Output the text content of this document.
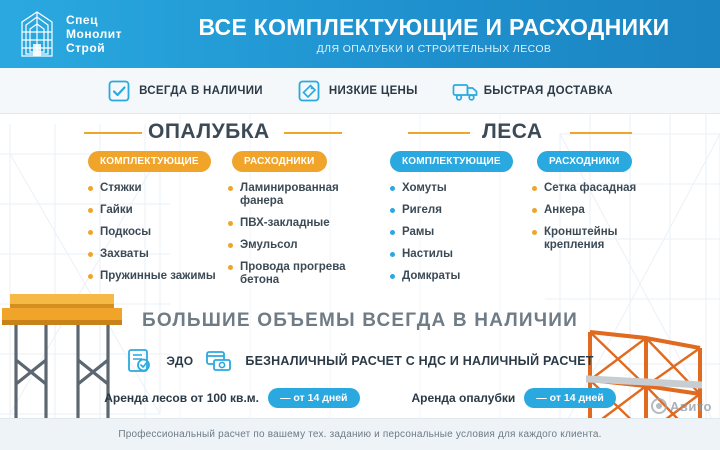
Спец
Монолит
Строй
ВСЕ КОМПЛЕКТУЮЩИЕ И РАСХОДНИКИ
ДЛЯ ОПАЛУБКИ И СТРОИТЕЛЬНЫХ ЛЕСОВ
ВСЕГДА В НАЛИЧИИ	НИЗКИЕ ЦЕНЫ	БЫСТРАЯ ДОСТАВКА
ОПАЛУБКА
КОМПЛЕКТУЮЩИЕ	РАСХОДНИКИ
Стяжки
Гайки
Подкосы
Захваты
Пружинные зажимы
Ламинированная фанера
ПВХ-закладные
Эмульсол
Провода прогрева бетона
ЛЕСА
КОМПЛЕКТУЮЩИЕ	РАСХОДНИКИ
Хомуты
Ригеля
Рамы
Настилы
Домкраты
Сетка фасадная
Анкера
Кронштейны крепления
БОЛЬШИЕ ОБЪЕМЫ ВСЕГДА В НАЛИЧИИ
ЭДО	БЕЗНАЛИЧНЫЙ РАСЧЕТ С НДС И НАЛИЧНЫЙ РАСЧЕТ
Аренда лесов от 100 кв.м.	— от 14 дней	Аренда опалубки	— от 14 дней
Авито
Профессиональный расчет по вашему тех. заданию и персональные условия для каждого клиента.
